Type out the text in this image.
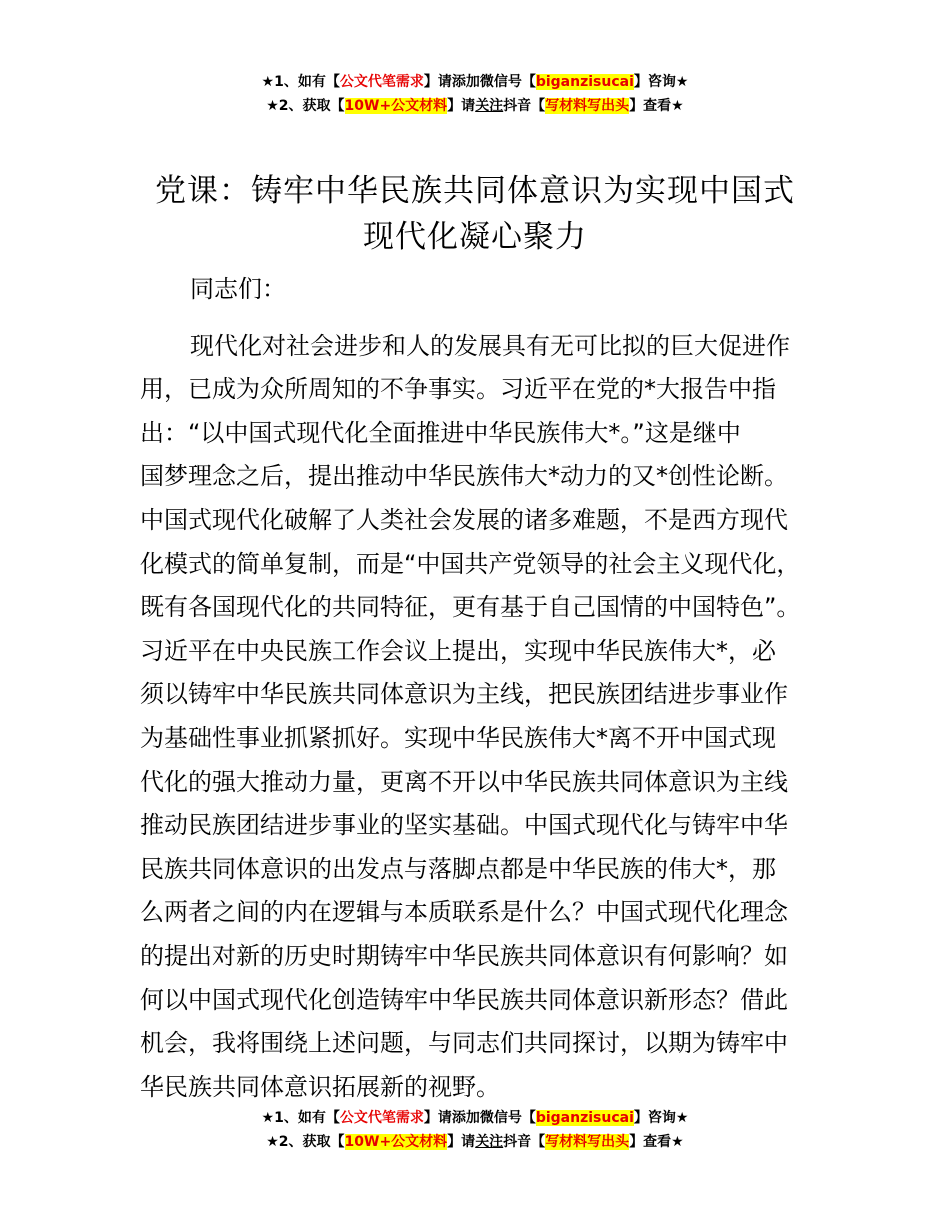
★1、如有【公文代笔需求】请添加微信号【biganzisucai】咨询★
★2、获取【10W+公文材料】请关注抖音【写材料写出头】查看★
党课：铸牢中华民族共同体意识为实现中国式
现代化凝心聚力

同志们：

现代化对社会进步和人的发展具有无可比拟的巨大促进作
用，已成为众所周知的不争事实。习近平在党的*大报告中指
出：“以中国式现代化全面推进中华民族伟大*。”这是继中
国梦理念之后，提出推动中华民族伟大*动力的又*创性论断。
中国式现代化破解了人类社会发展的诸多难题，不是西方现代
化模式的简单复制，而是“中国共产党领导的社会主义现代化，
既有各国现代化的共同特征，更有基于自己国情的中国特色”。
习近平在中央民族工作会议上提出，实现中华民族伟大*，必
须以铸牢中华民族共同体意识为主线，把民族团结进步事业作
为基础性事业抓紧抓好。实现中华民族伟大*离不开中国式现
代化的强大推动力量，更离不开以中华民族共同体意识为主线
推动民族团结进步事业的坚实基础。中国式现代化与铸牢中华
民族共同体意识的出发点与落脚点都是中华民族的伟大*，那
么两者之间的内在逻辑与本质联系是什么？中国式现代化理念
的提出对新的历史时期铸牢中华民族共同体意识有何影响？如
何以中国式现代化创造铸牢中华民族共同体意识新形态？借此
机会，我将围绕上述问题，与同志们共同探讨，以期为铸牢中
华民族共同体意识拓展新的视野。

★1、如有【公文代笔需求】请添加微信号【biganzisucai】咨询★
★2、获取【10W+公文材料】请关注抖音【写材料写出头】查看★
